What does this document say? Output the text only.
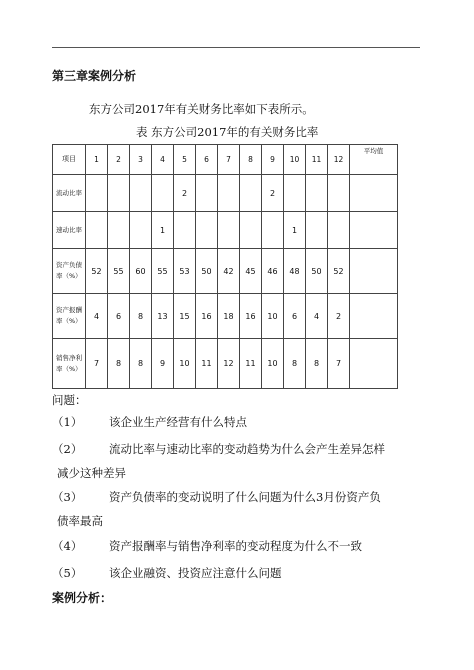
第三章案例分析
东方公司2017年有关财务比率如下表所示。
表 东方公司2017年的有关财务比率
项目	1	2	3	4	5	6	7	8	9	10	11	12	平均值
流动比率					2				2				
速动比率				1						1			
资产负债率（%）	52	55	60	55	53	50	42	45	46	48	50	52	
资产报酬率（%）	4	6	8	13	15	16	18	16	10	6	4	2	
销售净利率（%）	7	8	8	9	10	11	12	11	10	8	8	7	
问题：
（1） 该企业生产经营有什么特点
（2） 流动比率与速动比率的变动趋势为什么会产生差异怎样
减少这种差异
（3） 资产负债率的变动说明了什么问题为什么3月份资产负
债率最高
（4） 资产报酬率与销售净利率的变动程度为什么不一致
（5） 该企业融资、投资应注意什么问题
案例分析：
